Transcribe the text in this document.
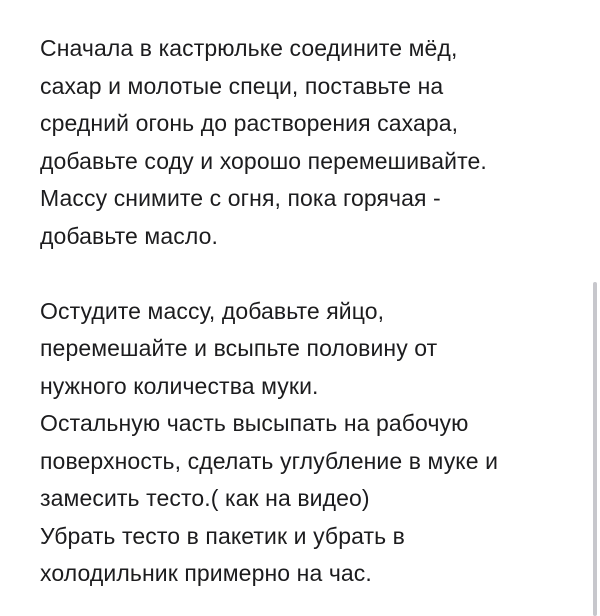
Сначала в кастрюльке соедините мёд,
сахар и молотые специ, поставьте на
средний огонь до растворения сахара,
добавьте соду и хорошо перемешивайте.
Массу снимите с огня, пока горячая -
добавьте масло.

Остудите массу, добавьте яйцо,
перемешайте и всыпьте половину от
нужного количества муки.
Остальную часть высыпать на рабочую
поверхность, сделать углубление в муке и
замесить тесто.( как на видео)
Убрать тесто в пакетик и убрать в
холодильник примерно на час.
